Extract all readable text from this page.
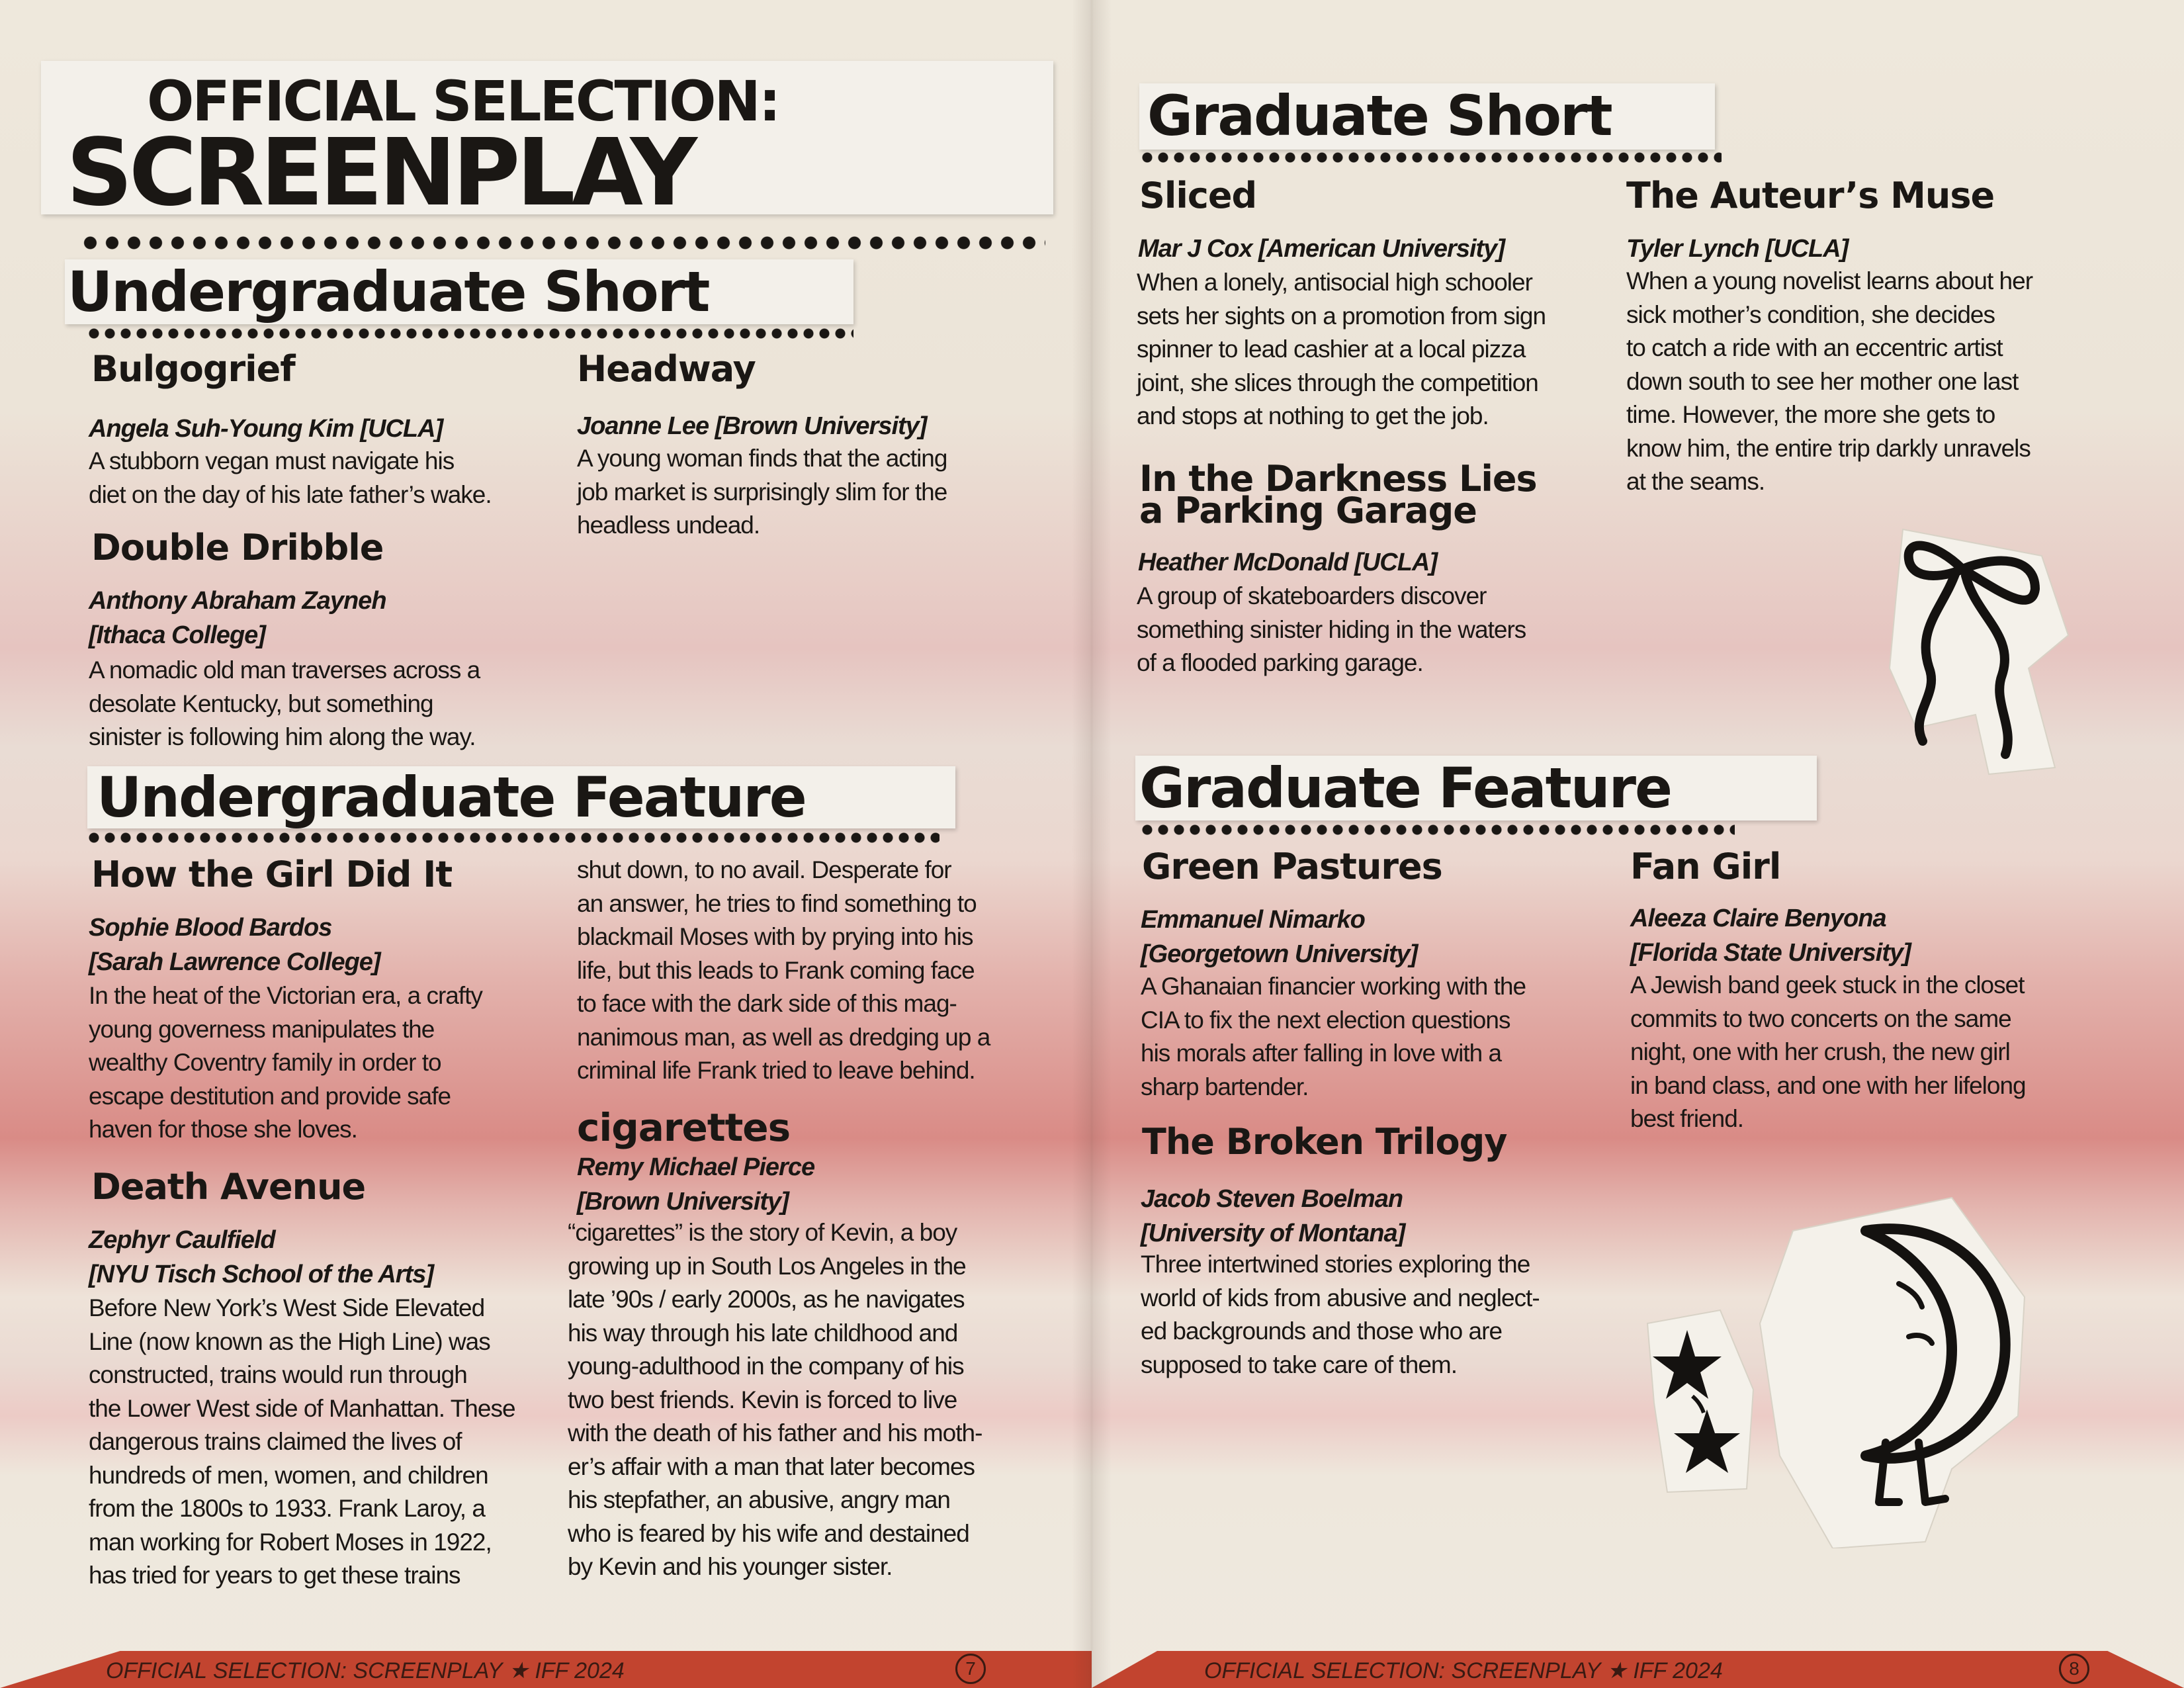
OFFICIAL SELECTION:
SCREENPLAY
Undergraduate Short
Bulgogrief
Angela Suh-Young Kim [UCLA]
A stubborn vegan must navigate his
diet on the day of his late father’s wake.
Headway
Joanne Lee [Brown University]
A young woman finds that the acting
job market is surprisingly slim for the
headless undead.
Double Dribble
Anthony Abraham Zayneh
[Ithaca College]
A nomadic old man traverses across a
desolate Kentucky, but something
sinister is following him along the way.
Undergraduate Feature
How the Girl Did It
Sophie Blood Bardos
[Sarah Lawrence College]
In the heat of the Victorian era, a crafty
young governess manipulates the
wealthy Coventry family in order to
escape destitution and provide safe
haven for those she loves.
Death Avenue
Zephyr Caulfield
[NYU Tisch School of the Arts]
Before New York’s West Side Elevated
Line (now known as the High Line) was
constructed, trains would run through
the Lower West side of Manhattan. These
dangerous trains claimed the lives of
hundreds of men, women, and children
from the 1800s to 1933. Frank Laroy, a
man working for Robert Moses in 1922,
has tried for years to get these trains
shut down, to no avail. Desperate for
an answer, he tries to find something to
blackmail Moses with by prying into his
life, but this leads to Frank coming face
to face with the dark side of this mag-
nanimous man, as well as dredging up a
criminal life Frank tried to leave behind.
cigarettes
Remy Michael Pierce
[Brown University]
“cigarettes” is the story of Kevin, a boy
growing up in South Los Angeles in the
late ’90s / early 2000s, as he navigates
his way through his late childhood and
young-adulthood in the company of his
two best friends. Kevin is forced to live
with the death of his father and his moth-
er’s affair with a man that later becomes
his stepfather, an abusive, angry man
who is feared by his wife and destained
by Kevin and his younger sister.
OFFICIAL SELECTION: SCREENPLAY ★ IFF 2024	7
Graduate Short
Sliced
Mar J Cox [American University]
When a lonely, antisocial high schooler
sets her sights on a promotion from sign
spinner to lead cashier at a local pizza
joint, she slices through the competition
and stops at nothing to get the job.
In the Darkness Lies
a Parking Garage
Heather McDonald [UCLA]
A group of skateboarders discover
something sinister hiding in the waters
of a flooded parking garage.
The Auteur’s Muse
Tyler Lynch [UCLA]
When a young novelist learns about her
sick mother’s condition, she decides
to catch a ride with an eccentric artist
down south to see her mother one last
time. However, the more she gets to
know him, the entire trip darkly unravels
at the seams.
Graduate Feature
Green Pastures
Emmanuel Nimarko
[Georgetown University]
A Ghanaian financier working with the
CIA to fix the next election questions
his morals after falling in love with a
sharp bartender.
The Broken Trilogy
Jacob Steven Boelman
[University of Montana]
Three intertwined stories exploring the
world of kids from abusive and neglect-
ed backgrounds and those who are
supposed to take care of them.
Fan Girl
Aleeza Claire Benyona
[Florida State University]
A Jewish band geek stuck in the closet
commits to two concerts on the same
night, one with her crush, the new girl
in band class, and one with her lifelong
best friend.
OFFICIAL SELECTION: SCREENPLAY ★ IFF 2024	8
